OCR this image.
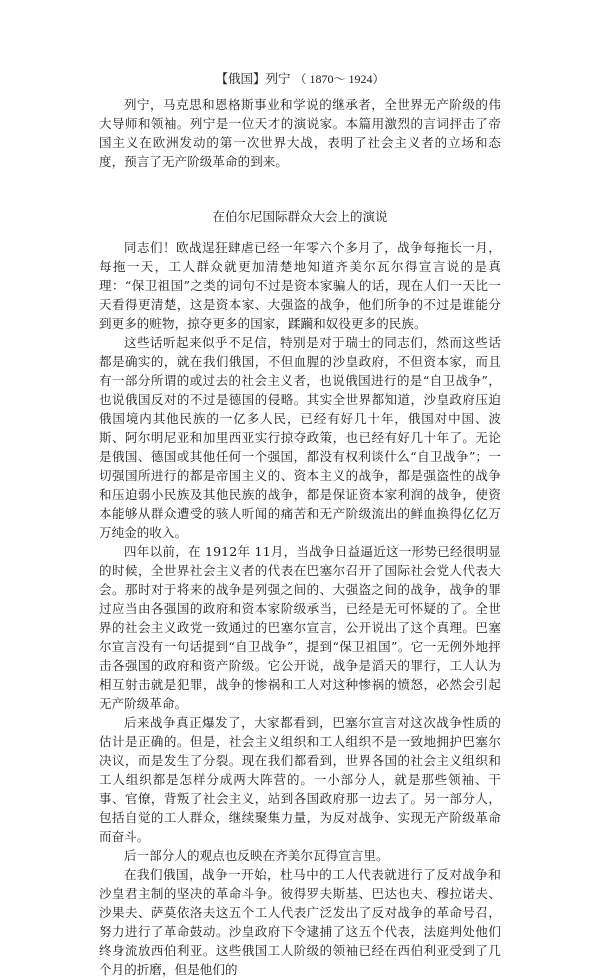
【俄国】列宁 （ 1870～ 1924）

列宁，马克思和恩格斯事业和学说的继承者，全世界无产阶级的伟大导师和领袖。列宁是一位天才的演说家。本篇用激烈的言词抨击了帝国主义在欧洲发动的第一次世界大战，表明了社会主义者的立场和态度，预言了无产阶级革命的到来。

在伯尔尼国际群众大会上的演说

同志们！欧战逞狂肆虐已经一年零六个多月了，战争每拖长一月，每拖一天，工人群众就更加清楚地知道齐美尔瓦尔得宣言说的是真理：“保卫祖国”之类的词句不过是资本家骗人的话，现在人们一天比一天看得更清楚，这是资本家、大强盗的战争，他们所争的不过是谁能分到更多的赃物，掠夺更多的国家，蹂躏和奴役更多的民族。

这些话听起来似乎不足信，特别是对于瑞士的同志们，然而这些话都是确实的，就在我们俄国，不但血腥的沙皇政府，不但资本家，而且有一部分所谓的或过去的社会主义者，也说俄国进行的是“自卫战争”，也说俄国反对的不过是德国的侵略。其实全世界都知道，沙皇政府压迫俄国境内其他民族的一亿多人民，已经有好几十年，俄国对中国、波斯、阿尔明尼亚和加里西亚实行掠夺政策，也已经有好几十年了。无论是俄国、德国或其他任何一个强国，都没有权利谈什么“自卫战争”；一切强国所进行的都是帝国主义的、资本主义的战争，都是强盗性的战争和压迫弱小民族及其他民族的战争，都是保证资本家利润的战争，使资本能够从群众遭受的骇人听闻的痛苦和无产阶级流出的鲜血换得亿亿万万纯金的收入。

四年以前，在 1912年 11月，当战争日益逼近这一形势已经很明显的时候，全世界社会主义者的代表在巴塞尔召开了国际社会党人代表大会。那时对于将来的战争是列强之间的、大强盗之间的战争，战争的罪过应当由各强国的政府和资本家阶级承当，已经是无可怀疑的了。全世界的社会主义政党一致通过的巴塞尔宣言，公开说出了这个真理。巴塞尔宣言没有一句话提到“自卫战争”，提到“保卫祖国”。它一无例外地抨击各强国的政府和资产阶级。它公开说，战争是滔天的罪行，工人认为相互射击就是犯罪，战争的惨祸和工人对这种惨祸的愤怒，必然会引起无产阶级革命。

后来战争真正爆发了，大家都看到，巴塞尔宣言对这次战争性质的估计是正确的。但是，社会主义组织和工人组织不是一致地拥护巴塞尔决议，而是发生了分裂。现在我们都看到，世界各国的社会主义组织和工人组织都是怎样分成两大阵营的。一小部分人，就是那些领袖、干事、官僚，背叛了社会主义，站到各国政府那一边去了。另一部分人，包括自觉的工人群众，继续聚集力量，为反对战争、实现无产阶级革命而奋斗。

后一部分人的观点也反映在齐美尔瓦得宣言里。

在我们俄国，战争一开始，杜马中的工人代表就进行了反对战争和沙皇君主制的坚决的革命斗争。彼得罗夫斯基、巴达也夫、穆拉诺夫、沙果夫、萨莫依洛夫这五个工人代表广泛发出了反对战争的革命号召，努力进行了革命鼓动。沙皇政府下令逮捕了这五个代表，法庭判处他们终身流放西伯利亚。这些俄国工人阶级的领袖已经在西伯利亚受到了几个月的折磨，但是他们的
